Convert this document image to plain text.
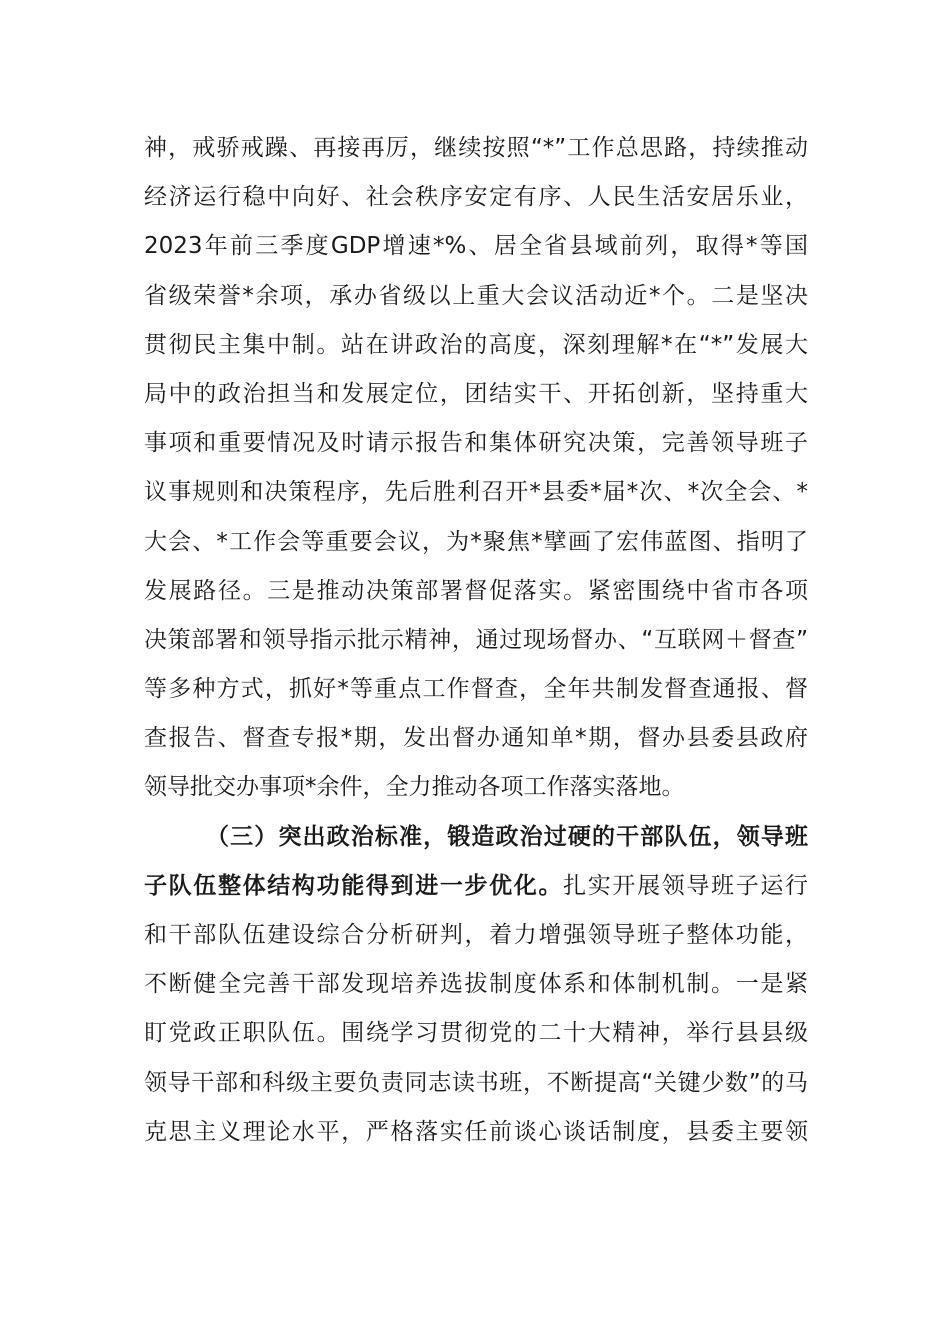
神，戒骄戒躁、再接再厉，继续按照“*”工作总思路，持续推动
经济运行稳中向好、社会秩序安定有序、人民生活安居乐业，
2023年前三季度GDP增速*%、居全省县域前列，取得*等国
省级荣誉*余项，承办省级以上重大会议活动近*个。二是坚决
贯彻民主集中制。站在讲政治的高度，深刻理解*在“*”发展大
局中的政治担当和发展定位，团结实干、开拓创新，坚持重大
事项和重要情况及时请示报告和集体研究决策，完善领导班子
议事规则和决策程序，先后胜利召开*县委*届*次、*次全会、*
大会、*工作会等重要会议，为*聚焦*擘画了宏伟蓝图、指明了
发展路径。三是推动决策部署督促落实。紧密围绕中省市各项
决策部署和领导指示批示精神，通过现场督办、“互联网＋督查”
等多种方式，抓好*等重点工作督查，全年共制发督查通报、督
查报告、督查专报*期，发出督办通知单*期，督办县委县政府
领导批交办事项*余件，全力推动各项工作落实落地。
（三）突出政治标准，锻造政治过硬的干部队伍，领导班
子队伍整体结构功能得到进一步优化。扎实开展领导班子运行
和干部队伍建设综合分析研判，着力增强领导班子整体功能，
不断健全完善干部发现培养选拔制度体系和体制机制。一是紧
盯党政正职队伍。围绕学习贯彻党的二十大精神，举行县县级
领导干部和科级主要负责同志读书班，不断提高“关键少数”的马
克思主义理论水平，严格落实任前谈心谈话制度，县委主要领
